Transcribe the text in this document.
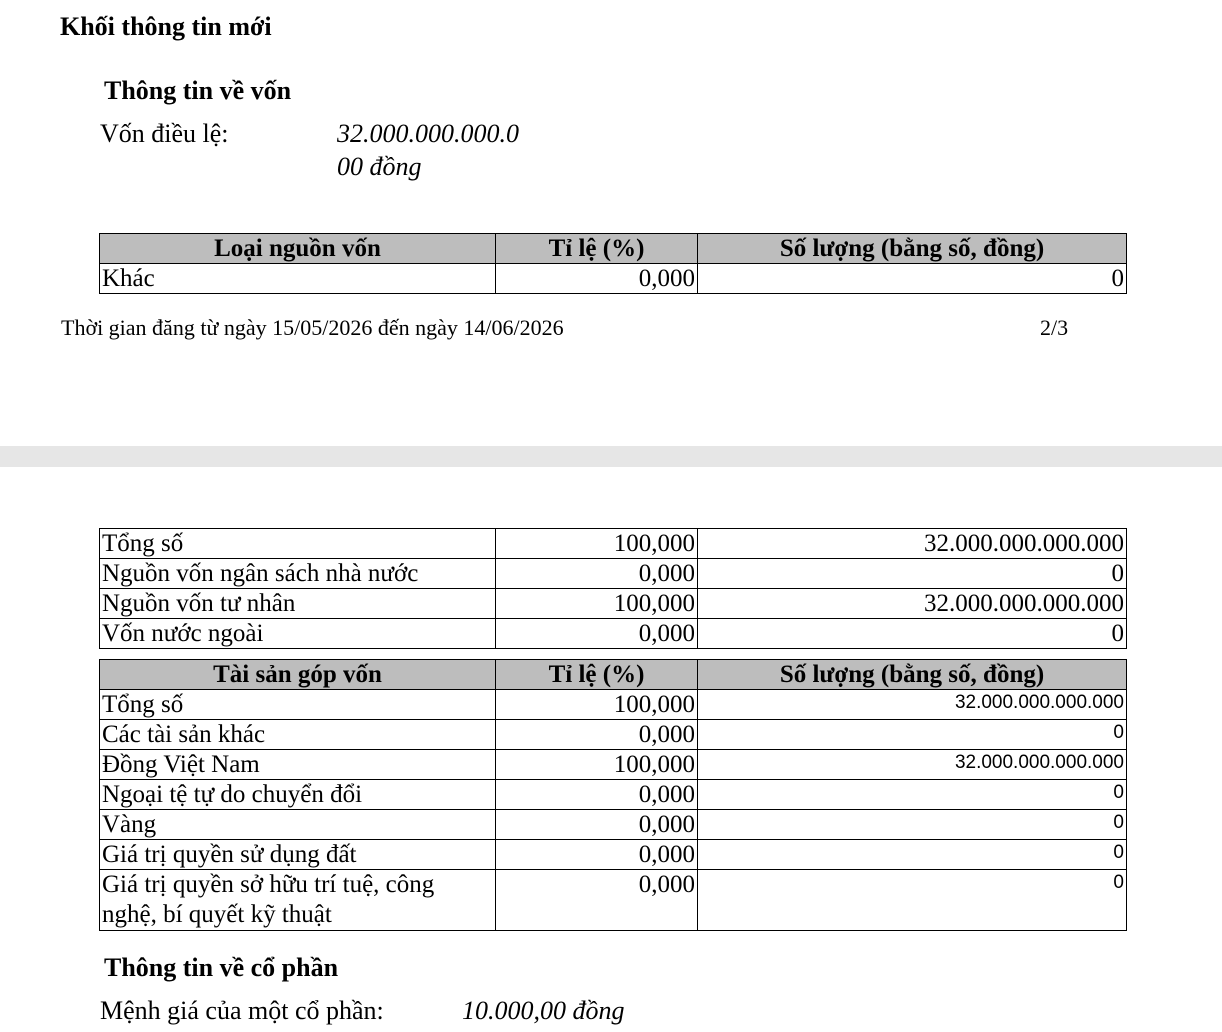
Khối thông tin mới
Thông tin về vốn
Vốn điều lệ:	32.000.000.000.0
00 đồng
Loại nguồn vốn	Tỉ lệ (%)	Số lượng (bằng số, đồng)
Khác	0,000	0
Thời gian đăng từ ngày 15/05/2026 đến ngày 14/06/2026	2/3
Tổng số	100,000	32.000.000.000.000
Nguồn vốn ngân sách nhà nước	0,000	0
Nguồn vốn tư nhân	100,000	32.000.000.000.000
Vốn nước ngoài	0,000	0
Tài sản góp vốn	Tỉ lệ (%)	Số lượng (bằng số, đồng)
Tổng số	100,000	32.000.000.000.000
Các tài sản khác	0,000	0
Đồng Việt Nam	100,000	32.000.000.000.000
Ngoại tệ tự do chuyển đổi	0,000	0
Vàng	0,000	0
Giá trị quyền sử dụng đất	0,000	0
Giá trị quyền sở hữu trí tuệ, công nghệ, bí quyết kỹ thuật	0,000	0
Thông tin về cổ phần
Mệnh giá của một cổ phần:	10.000,00 đồng
